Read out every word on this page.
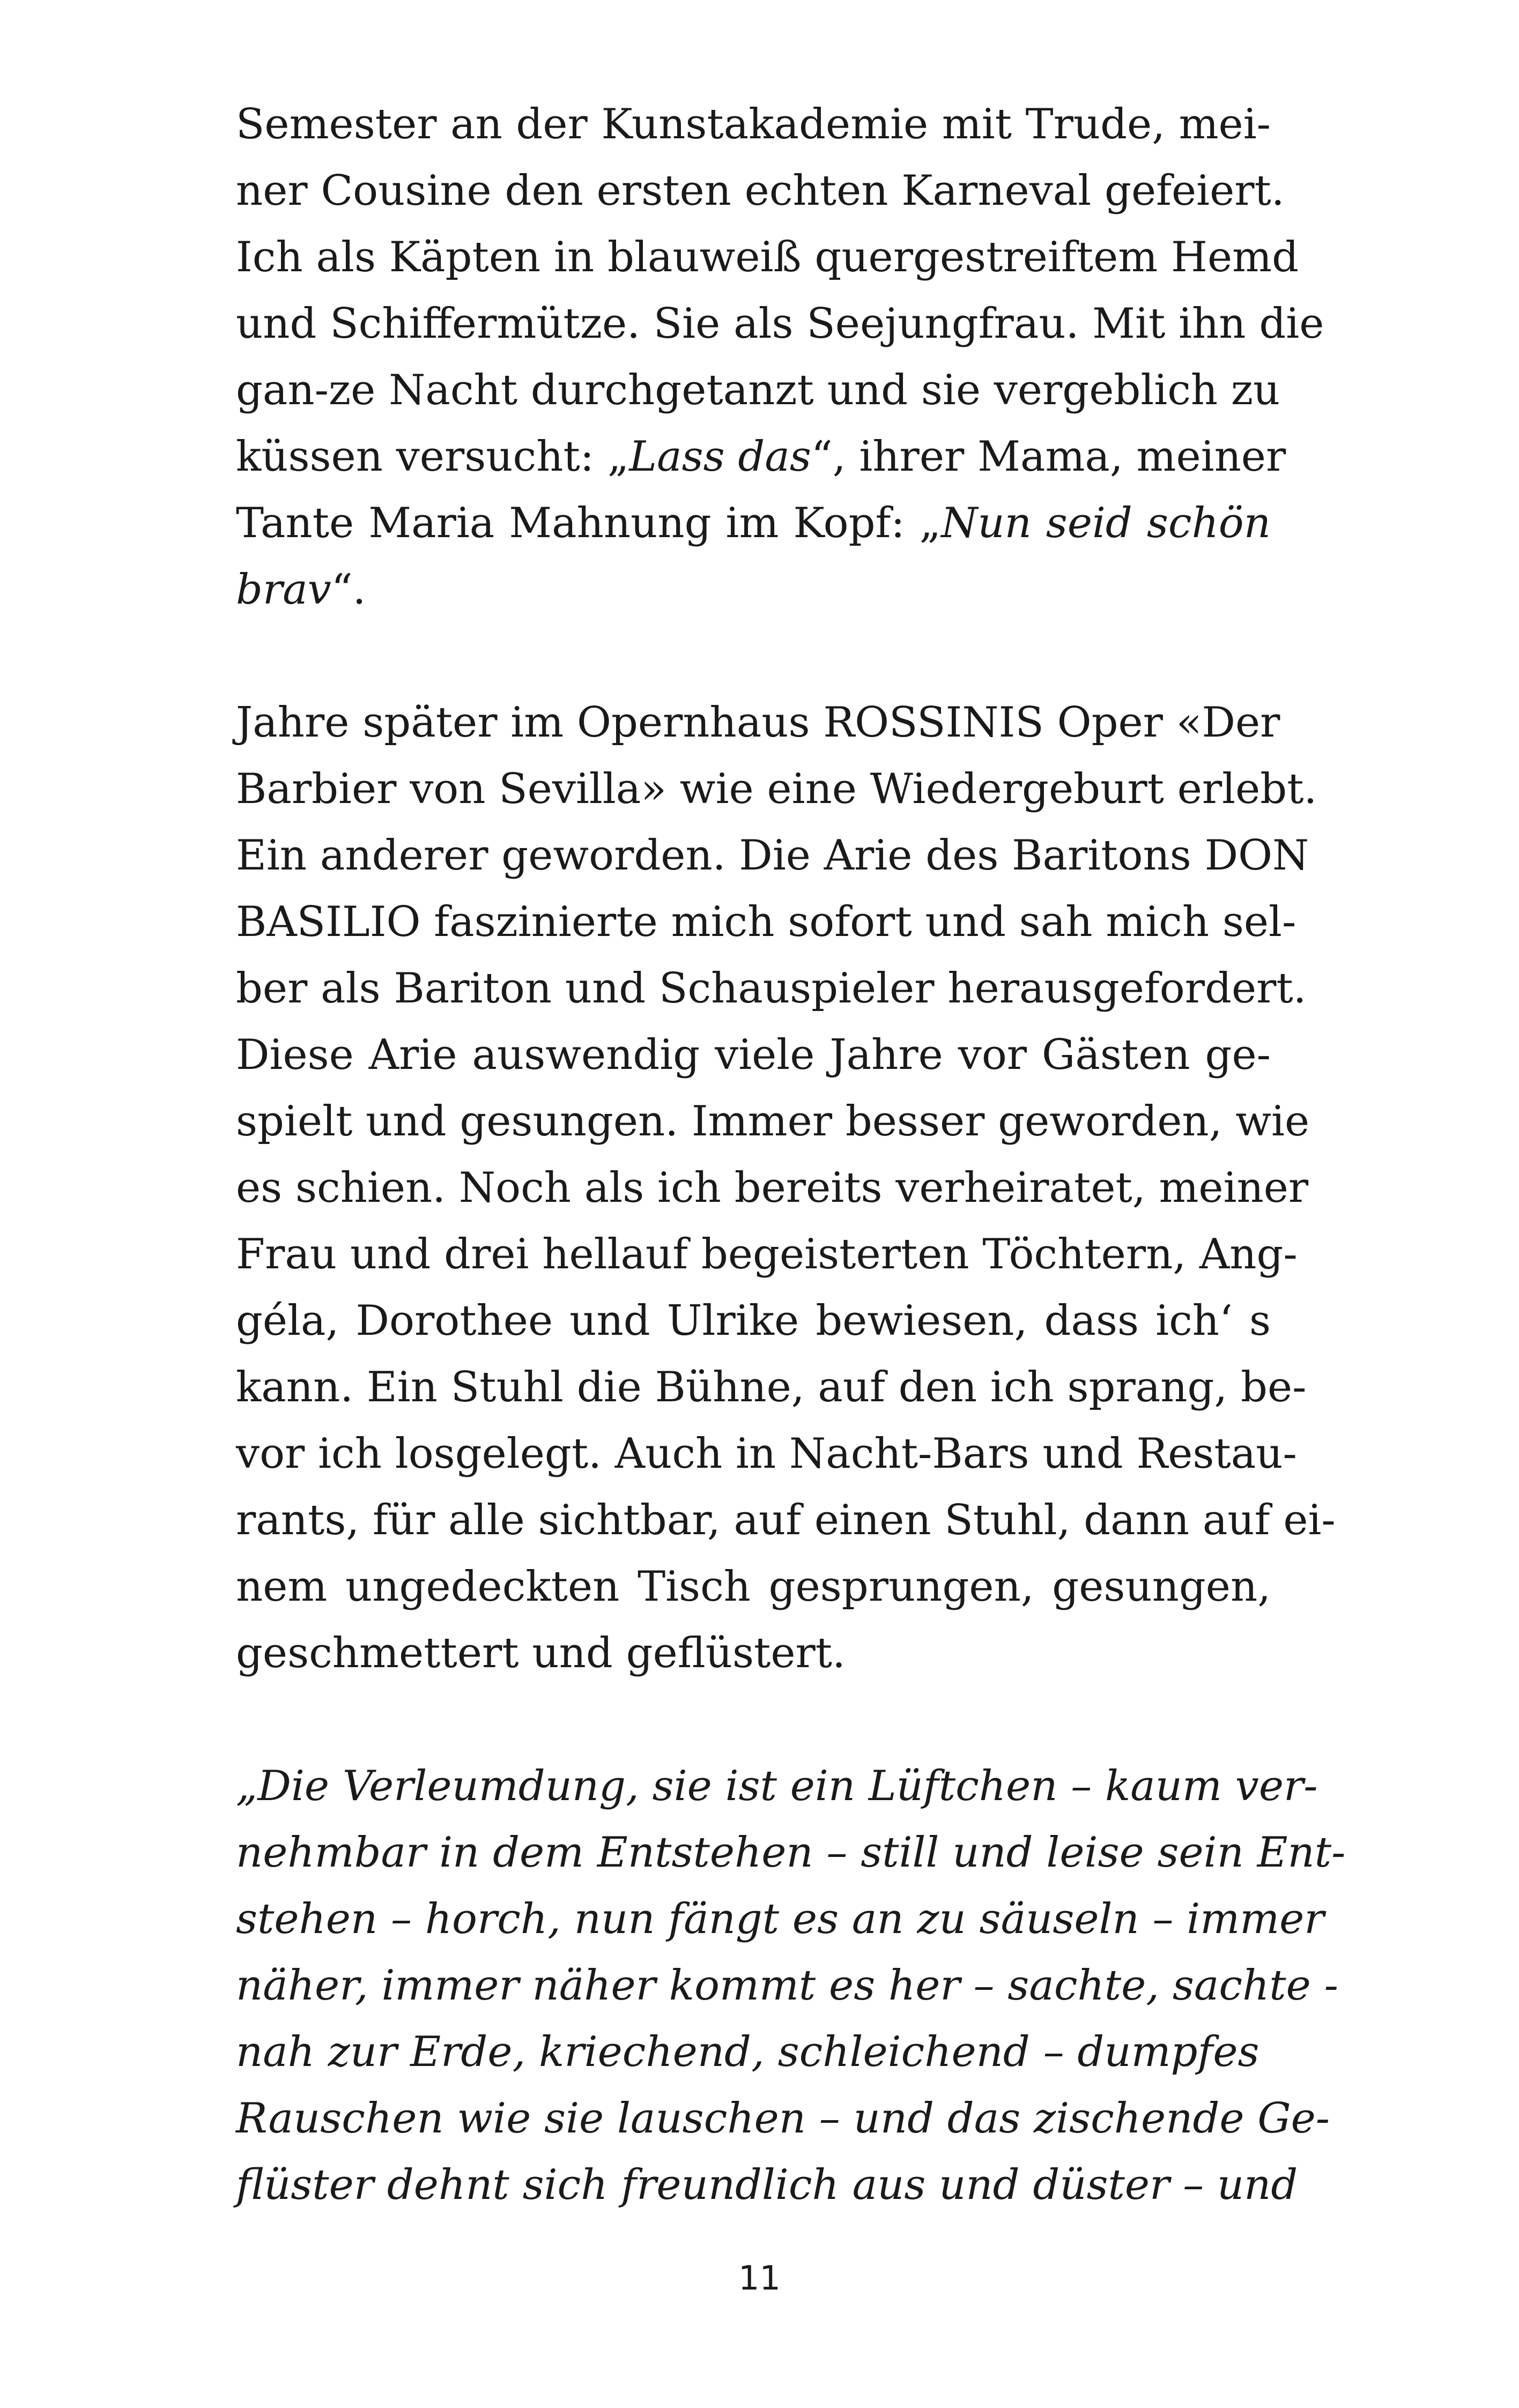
Semester an der Kunstakademie mit Trude, mei-
ner Cousine den ersten echten Karneval gefeiert.
Ich als Käpten in blauweiß quergestreiftem Hemd
und Schiffermütze. Sie als Seejungfrau. Mit ihn die
gan-ze Nacht durchgetanzt und sie vergeblich zu
küssen versucht: „Lass das“, ihrer Mama, meiner
Tante Maria Mahnung im Kopf: „Nun seid schön
brav“.
Jahre später im Opernhaus ROSSINIS Oper «Der
Barbier von Sevilla» wie eine Wiedergeburt erlebt.
Ein anderer geworden. Die Arie des Baritons DON
BASILIO faszinierte mich sofort und sah mich sel-
ber als Bariton und Schauspieler herausgefordert.
Diese Arie auswendig viele Jahre vor Gästen ge-
spielt und gesungen. Immer besser geworden, wie
es schien. Noch als ich bereits verheiratet, meiner
Frau und drei hellauf begeisterten Töchtern, Ang-
géla, Dorothee und Ulrike bewiesen, dass ich‘ s
kann. Ein Stuhl die Bühne, auf den ich sprang, be-
vor ich losgelegt. Auch in Nacht-Bars und Restau-
rants, für alle sichtbar, auf einen Stuhl, dann auf ei-
nem ungedeckten Tisch gesprungen, gesungen,
geschmettert und geflüstert.
„Die Verleumdung, sie ist ein Lüftchen – kaum ver-
nehmbar in dem Entstehen – still und leise sein Ent-
stehen – horch, nun fängt es an zu säuseln – immer
näher, immer näher kommt es her – sachte, sachte -
nah zur Erde, kriechend, schleichend – dumpfes
Rauschen wie sie lauschen – und das zischende Ge-
flüster dehnt sich freundlich aus und düster – und
11
